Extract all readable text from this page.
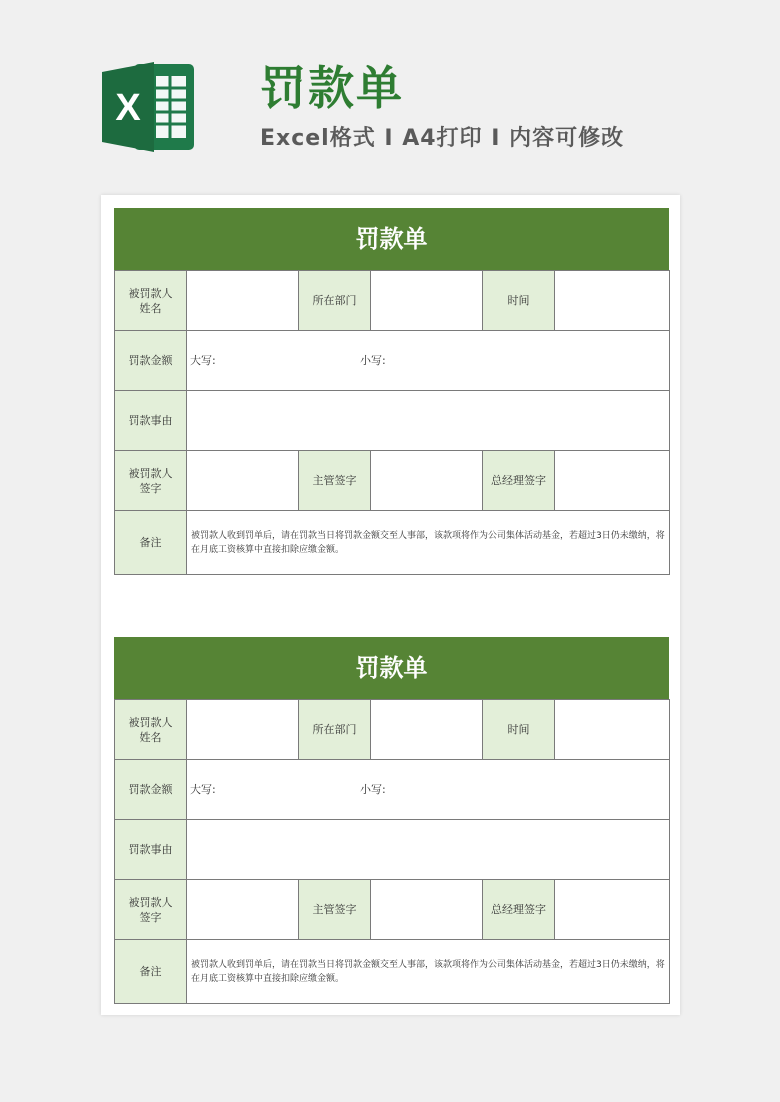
X	罚款单
Excel格式 I A4打印 I 内容可修改
罚款单
被罚款人
姓名		所在部门		时间	
罚款金额	大写: 小写:				

罚款事由					
被罚款人
签字		主管签字		总经理签字	
备注	被罚款人收到罚单后，请在罚款当日将罚款金额交至人事部，该款项将作为公司集体活动基金，若超过3日仍未缴纳，将在月底工资核算中直接扣除应缴金额。				
罚款单
被罚款人
姓名		所在部门		时间	
罚款金额	大写: 小写:				

罚款事由					
被罚款人
签字		主管签字		总经理签字	
备注	被罚款人收到罚单后，请在罚款当日将罚款金额交至人事部，该款项将作为公司集体活动基金，若超过3日仍未缴纳，将在月底工资核算中直接扣除应缴金额。				
